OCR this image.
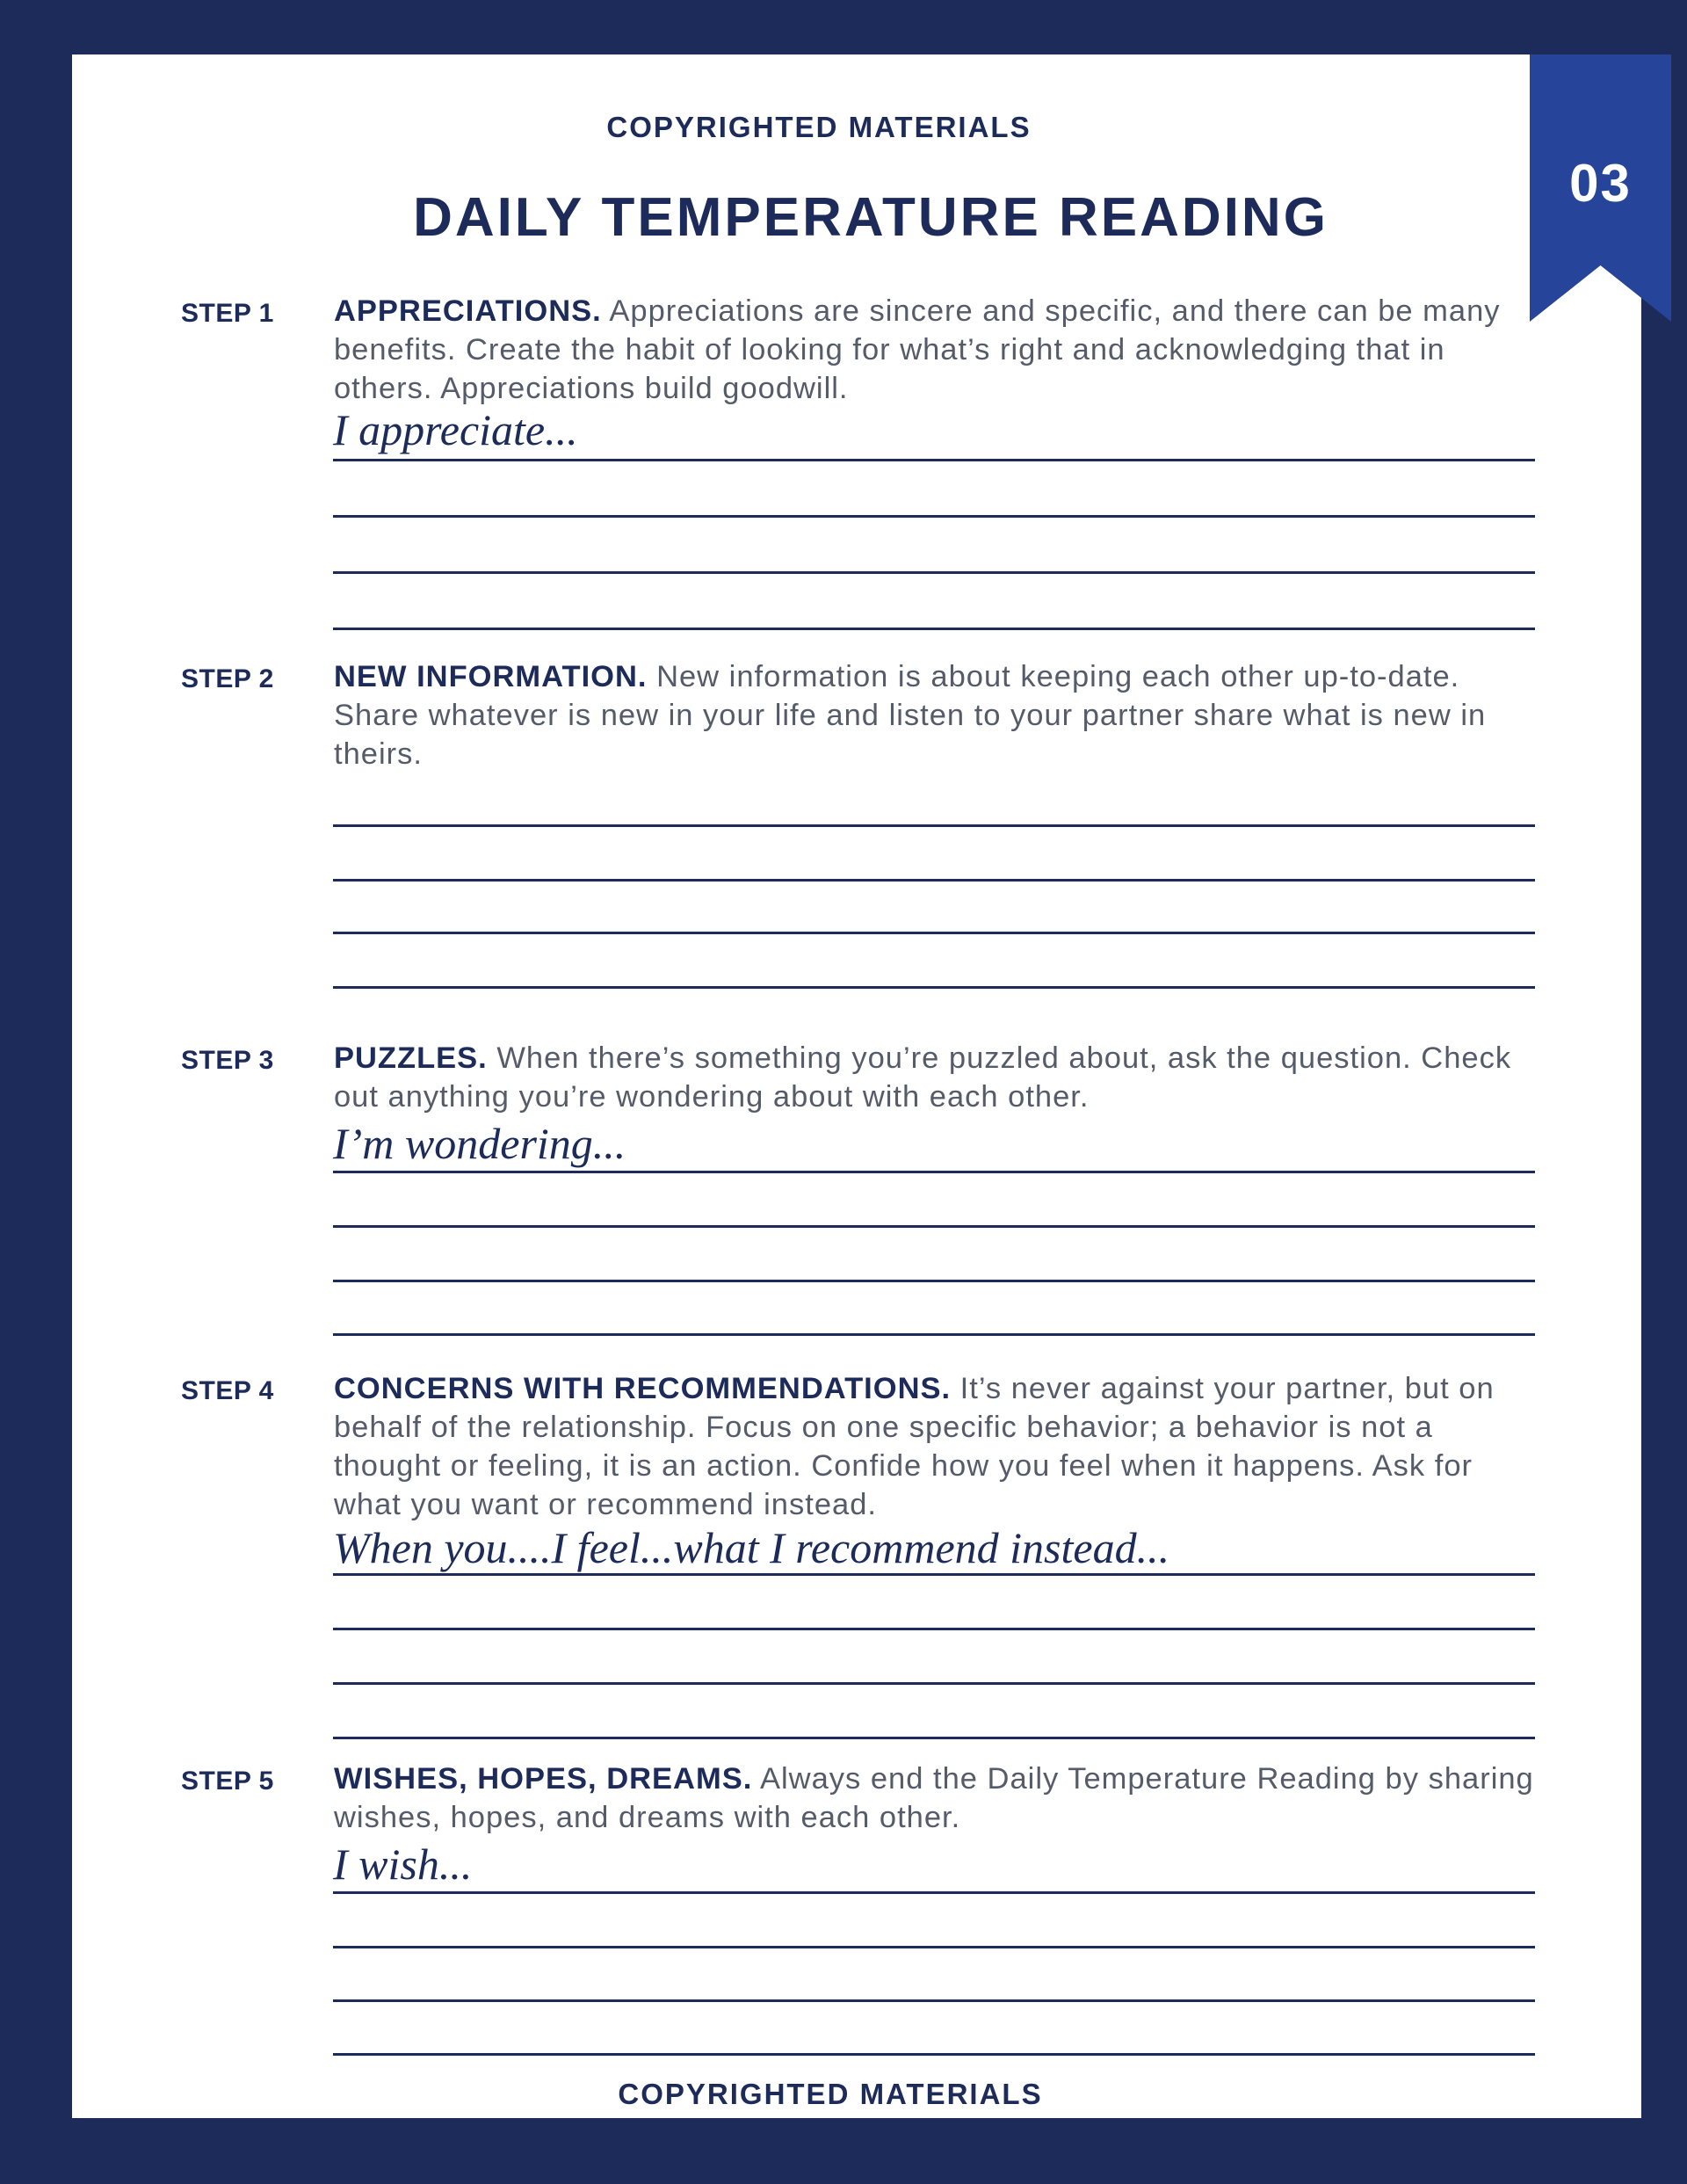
COPYRIGHTED MATERIALS
DAILY TEMPERATURE READING
03
STEP 1 APPRECIATIONS. Appreciations are sincere and specific, and there can be many benefits. Create the habit of looking for what’s right and acknowledging that in others. Appreciations build goodwill.
I appreciate...
STEP 2 NEW INFORMATION. New information is about keeping each other up-to-date. Share whatever is new in your life and listen to your partner share what is new in theirs.
STEP 3 PUZZLES. When there’s something you’re puzzled about, ask the question. Check out anything you’re wondering about with each other.
I’m wondering...
STEP 4 CONCERNS WITH RECOMMENDATIONS. It’s never against your partner, but on behalf of the relationship. Focus on one specific behavior; a behavior is not a thought or feeling, it is an action. Confide how you feel when it happens. Ask for what you want or recommend instead.
When you....I feel...what I recommend instead...
STEP 5 WISHES, HOPES, DREAMS. Always end the Daily Temperature Reading by sharing wishes, hopes, and dreams with each other.
I wish...
COPYRIGHTED MATERIALS
